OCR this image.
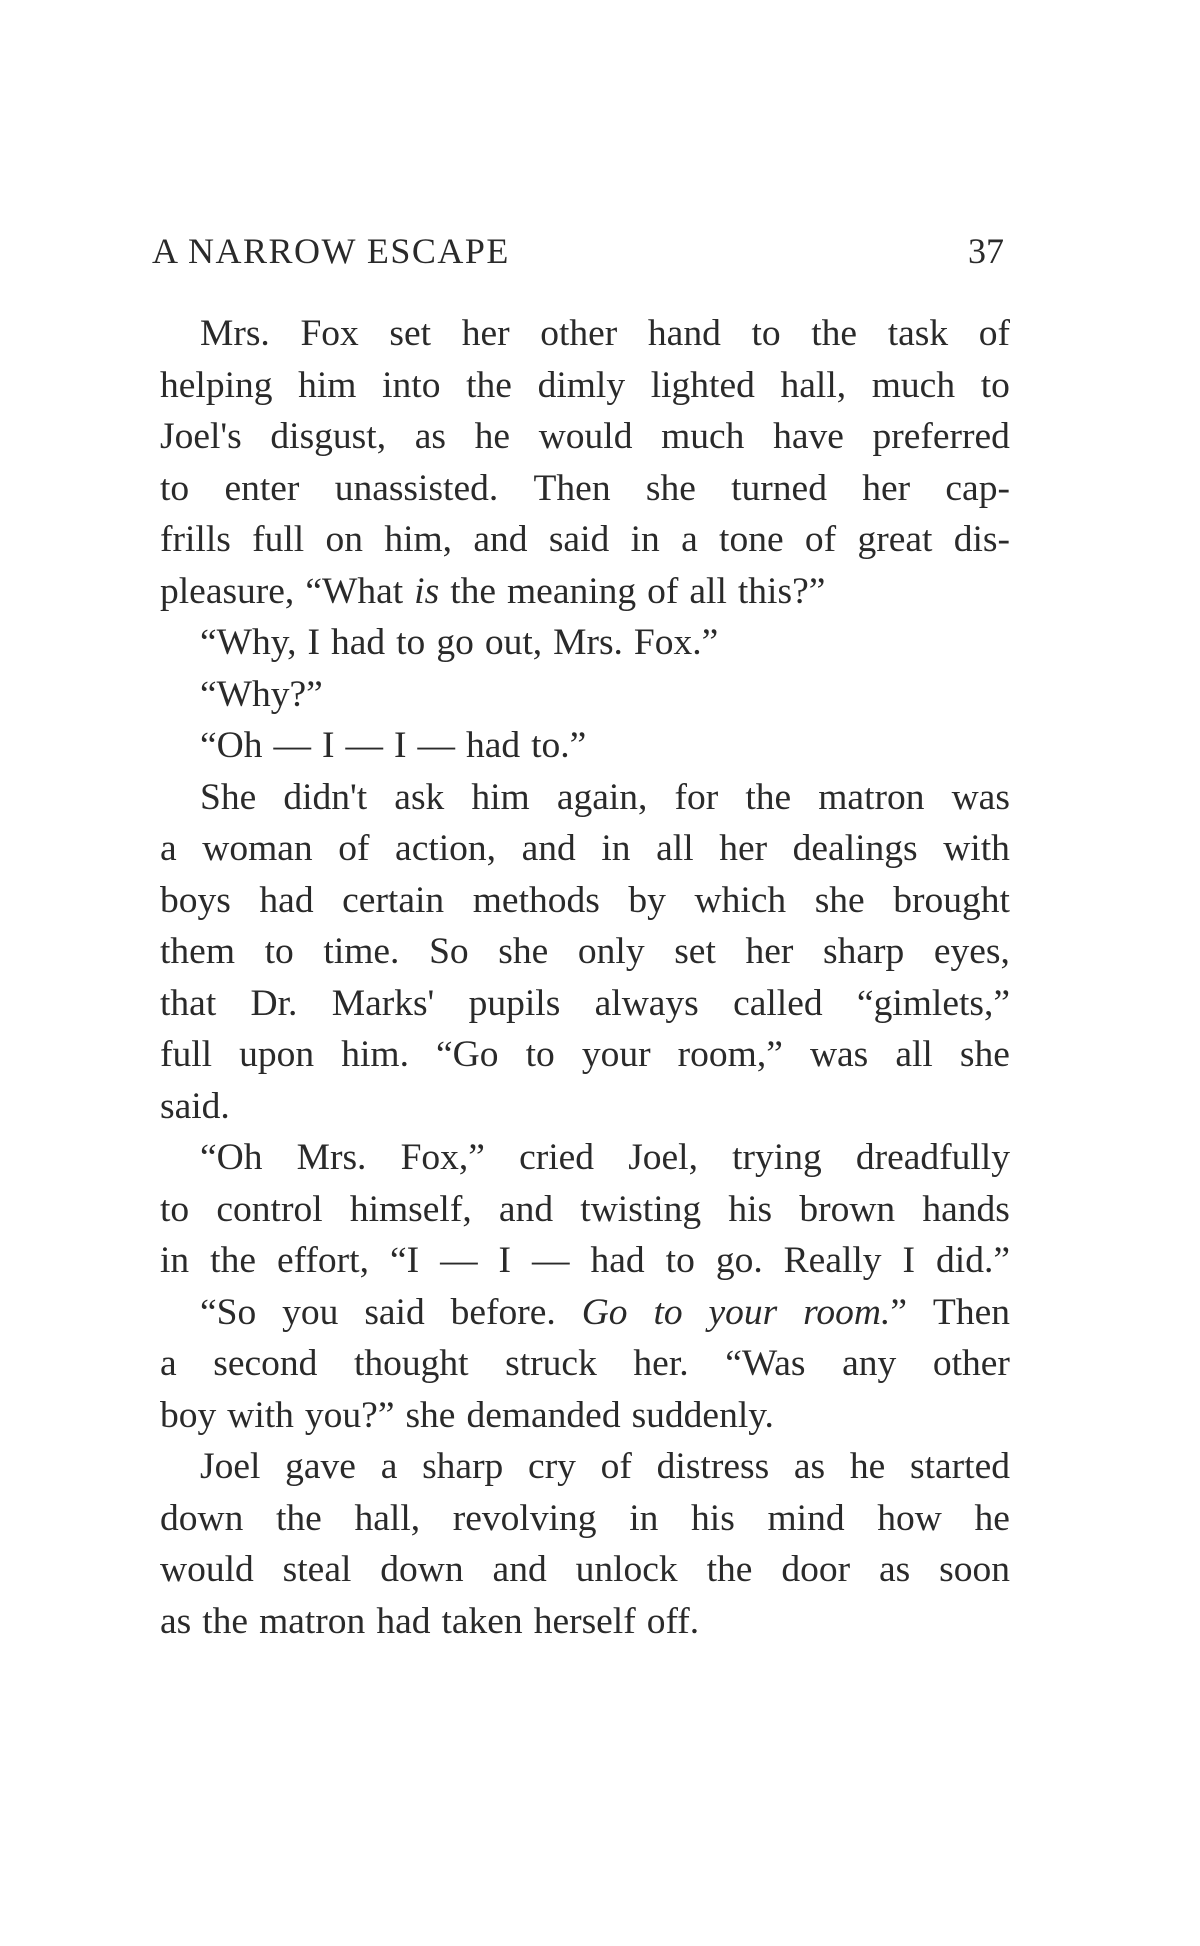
A NARROW ESCAPE	37
Mrs. Fox set her other hand to the task of
helping him into the dimly lighted hall, much to
Joel's disgust, as he would much have preferred
to enter unassisted. Then she turned her cap-
frills full on him, and said in a tone of great dis-
pleasure, “What is the meaning of all this?”
“Why, I had to go out, Mrs. Fox.”
“Why?”
“Oh — I — I — had to.”
She didn't ask him again, for the matron was
a woman of action, and in all her dealings with
boys had certain methods by which she brought
them to time. So she only set her sharp eyes,
that Dr. Marks' pupils always called “gimlets,”
full upon him. “Go to your room,” was all she
said.
“Oh Mrs. Fox,” cried Joel, trying dreadfully
to control himself, and twisting his brown hands
in the effort, “I — I — had to go. Really I did.”
“So you said before. Go to your room.” Then
a second thought struck her. “Was any other
boy with you?” she demanded suddenly.
Joel gave a sharp cry of distress as he started
down the hall, revolving in his mind how he
would steal down and unlock the door as soon
as the matron had taken herself off.
